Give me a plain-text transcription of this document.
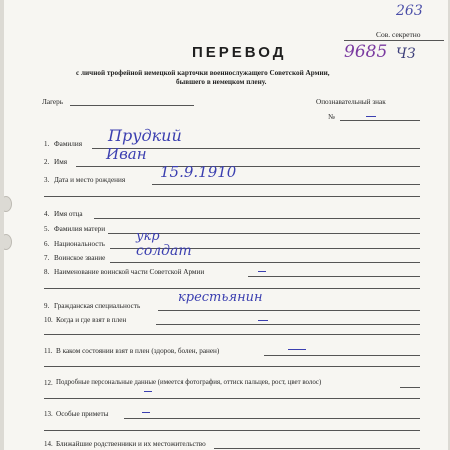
263
Сов. секретно
9685 ЧЗ
ПЕРЕВОД
с личной трофейной немецкой карточки военнослужащего Советской Армии,
бывшего в немецком плену.
Лагерь	Опознавательный знак
№
1. Фамилия Прудкий
2. Имя	Иван
3. Дата и место рождения 15.9.1910
4. Имя отца
5. Фамилия матери
6. Национальность укр
7. Воинское звание солдат
8. Наименование воинской части Советской Армии
9. Гражданская специальность
крестьянин
10. Когда и где взят в плен
11. В каком состоянии взят в плен (здоров, болен, ранен)
12. Подробные персональные данные (имеется фотография, оттиск пальцев, рост, цвет волос)
13. Особые приметы
14. Ближайшие родственники и их местожительство
